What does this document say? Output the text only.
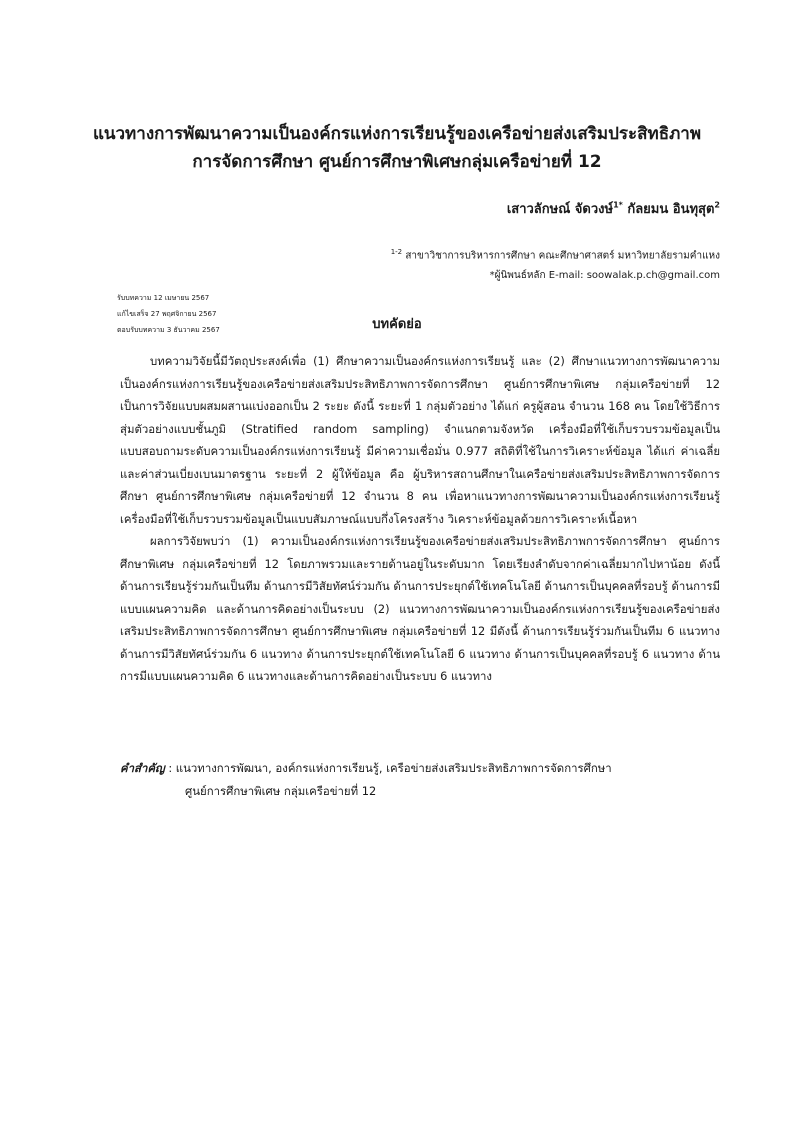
แนวทางการพัฒนาความเป็นองค์กรแห่งการเรียนรู้ของเครือข่ายส่งเสริมประสิทธิภาพ
การจัดการศึกษา ศูนย์การศึกษาพิเศษกลุ่มเครือข่ายที่ 12
เสาวลักษณ์ จัดวงษ์$^{1*}$ กัลยมน อินทุสุต$^2$
$^{1-2}$ สาขาวิชาการบริหารการศึกษา คณะศึกษาศาสตร์ มหาวิทยาลัยรามคำแหง
*ผู้นิพนธ์หลัก E-mail: soowalak.p.ch@gmail.com
รับบทความ 12 เมษายน 2567
แก้ไขเสร็จ 27 พฤศจิกายน 2567
ตอบรับบทความ 3 ธันวาคม 2567	บทคัดย่อ

บทความวิจัยนี้มีวัตถุประสงค์เพื่อ (1) ศึกษาความเป็นองค์กรแห่งการเรียนรู้ และ (2) ศึกษาแนวทางการพัฒนาความเป็นองค์กรแห่งการเรียนรู้ของเครือข่ายส่งเสริมประสิทธิภาพการจัดการศึกษา ศูนย์การศึกษาพิเศษ กลุ่มเครือข่ายที่ 12 เป็นการวิจัยแบบผสมผสานแบ่งออกเป็น 2 ระยะ ดังนี้ ระยะที่ 1 กลุ่มตัวอย่าง ได้แก่ ครูผู้สอน จำนวน 168 คน โดยใช้วิธีการสุ่มตัวอย่างแบบชั้นภูมิ (Stratified random sampling) จำแนกตามจังหวัด เครื่องมือที่ใช้เก็บรวบรวมข้อมูลเป็นแบบสอบถามระดับความเป็นองค์กรแห่งการเรียนรู้ มีค่าความเชื่อมั่น 0.977 สถิติที่ใช้ในการวิเคราะห์ข้อมูล ได้แก่ ค่าเฉลี่ยและค่าส่วนเบี่ยงเบนมาตรฐาน ระยะที่ 2 ผู้ให้ข้อมูล คือ ผู้บริหารสถานศึกษาในเครือข่ายส่งเสริมประสิทธิภาพการจัดการศึกษา ศูนย์การศึกษาพิเศษ กลุ่มเครือข่ายที่ 12 จำนวน 8 คน เพื่อหาแนวทางการพัฒนาความเป็นองค์กรแห่งการเรียนรู้ เครื่องมือที่ใช้เก็บรวบรวมข้อมูลเป็นแบบสัมภาษณ์แบบกึ่งโครงสร้าง วิเคราะห์ข้อมูลด้วยการวิเคราะห์เนื้อหา

ผลการวิจัยพบว่า (1) ความเป็นองค์กรแห่งการเรียนรู้ของเครือข่ายส่งเสริมประสิทธิภาพการจัดการศึกษา ศูนย์การศึกษาพิเศษ กลุ่มเครือข่ายที่ 12 โดยภาพรวมและรายด้านอยู่ในระดับมาก โดยเรียงลำดับจากค่าเฉลี่ยมากไปหาน้อย ดังนี้ ด้านการเรียนรู้ร่วมกันเป็นทีม ด้านการมีวิสัยทัศน์ร่วมกัน ด้านการประยุกต์ใช้เทคโนโลยี ด้านการเป็นบุคคลที่รอบรู้ ด้านการมีแบบแผนความคิด และด้านการคิดอย่างเป็นระบบ (2) แนวทางการพัฒนาความเป็นองค์กรแห่งการเรียนรู้ของเครือข่ายส่งเสริมประสิทธิภาพการจัดการศึกษา ศูนย์การศึกษาพิเศษ กลุ่มเครือข่ายที่ 12 มีดังนี้ ด้านการเรียนรู้ร่วมกันเป็นทีม 6 แนวทาง ด้านการมีวิสัยทัศน์ร่วมกัน 6 แนวทาง ด้านการประยุกต์ใช้เทคโนโลยี 6 แนวทาง ด้านการเป็นบุคคลที่รอบรู้ 6 แนวทาง ด้านการมีแบบแผนความคิด 6 แนวทางและด้านการคิดอย่างเป็นระบบ 6 แนวทาง

คำสำคัญ : แนวทางการพัฒนา, องค์กรแห่งการเรียนรู้, เครือข่ายส่งเสริมประสิทธิภาพการจัดการศึกษา
ศูนย์การศึกษาพิเศษ กลุ่มเครือข่ายที่ 12
